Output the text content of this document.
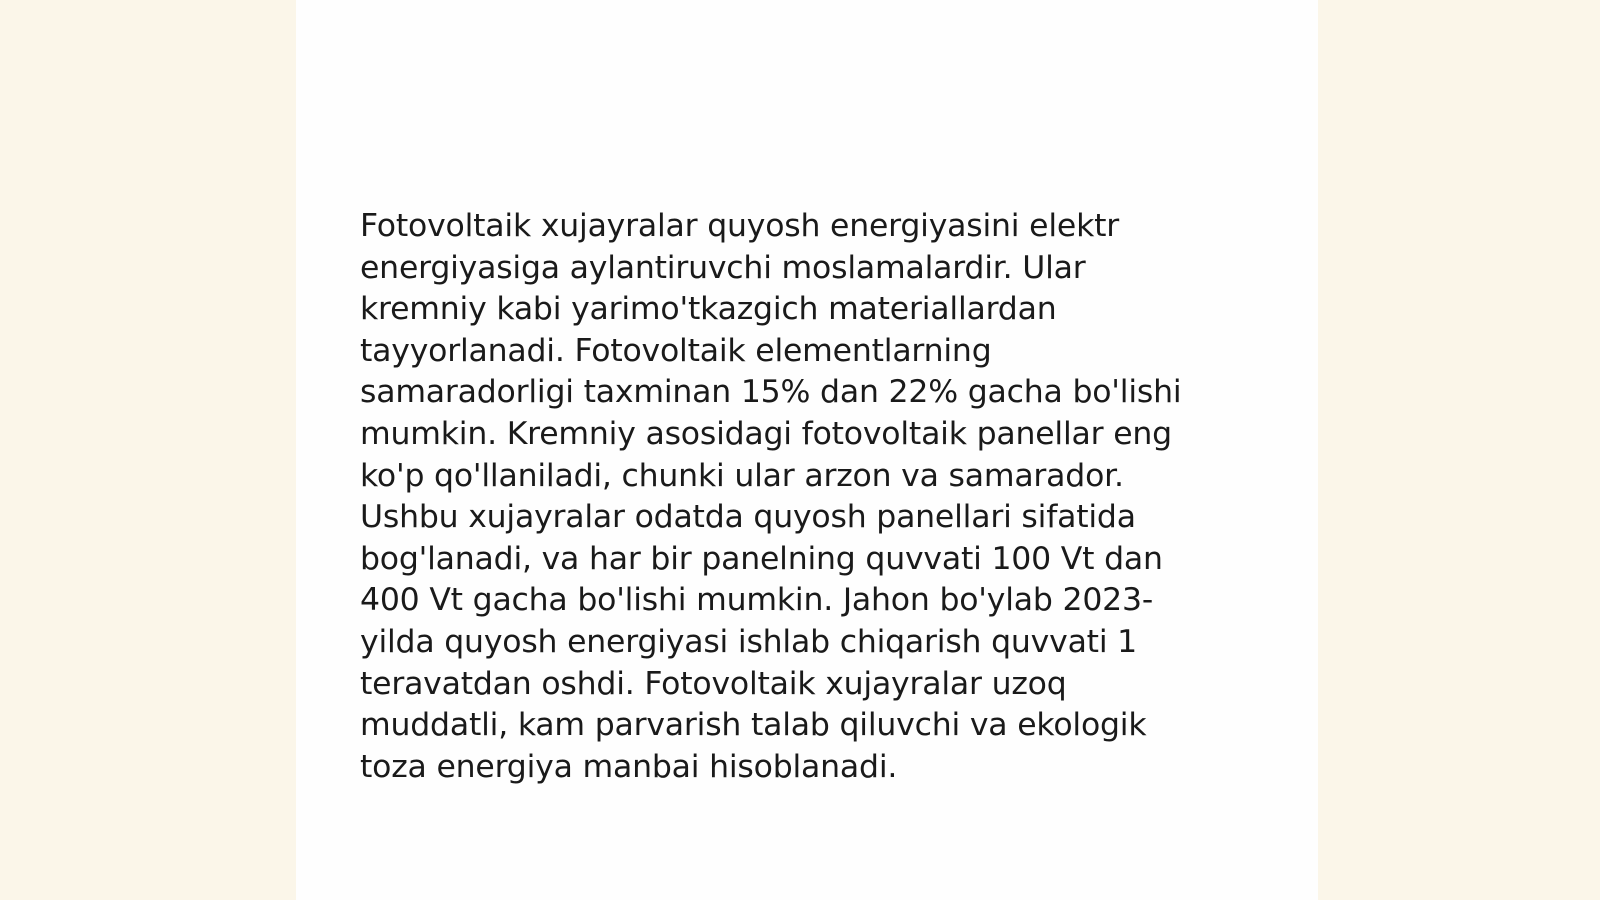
Fotovoltaik xujayralar quyosh energiyasini elektr
energiyasiga aylantiruvchi moslamalardir. Ular
kremniy kabi yarimo'tkazgich materiallardan
tayyorlanadi. Fotovoltaik elementlarning
samaradorligi taxminan 15% dan 22% gacha bo'lishi
mumkin. Kremniy asosidagi fotovoltaik panellar eng
ko'p qo'llaniladi, chunki ular arzon va samarador.
Ushbu xujayralar odatda quyosh panellari sifatida
bog'lanadi, va har bir panelning quvvati 100 Vt dan
400 Vt gacha bo'lishi mumkin. Jahon bo'ylab 2023-
yilda quyosh energiyasi ishlab chiqarish quvvati 1
teravatdan oshdi. Fotovoltaik xujayralar uzoq
muddatli, kam parvarish talab qiluvchi va ekologik
toza energiya manbai hisoblanadi.
